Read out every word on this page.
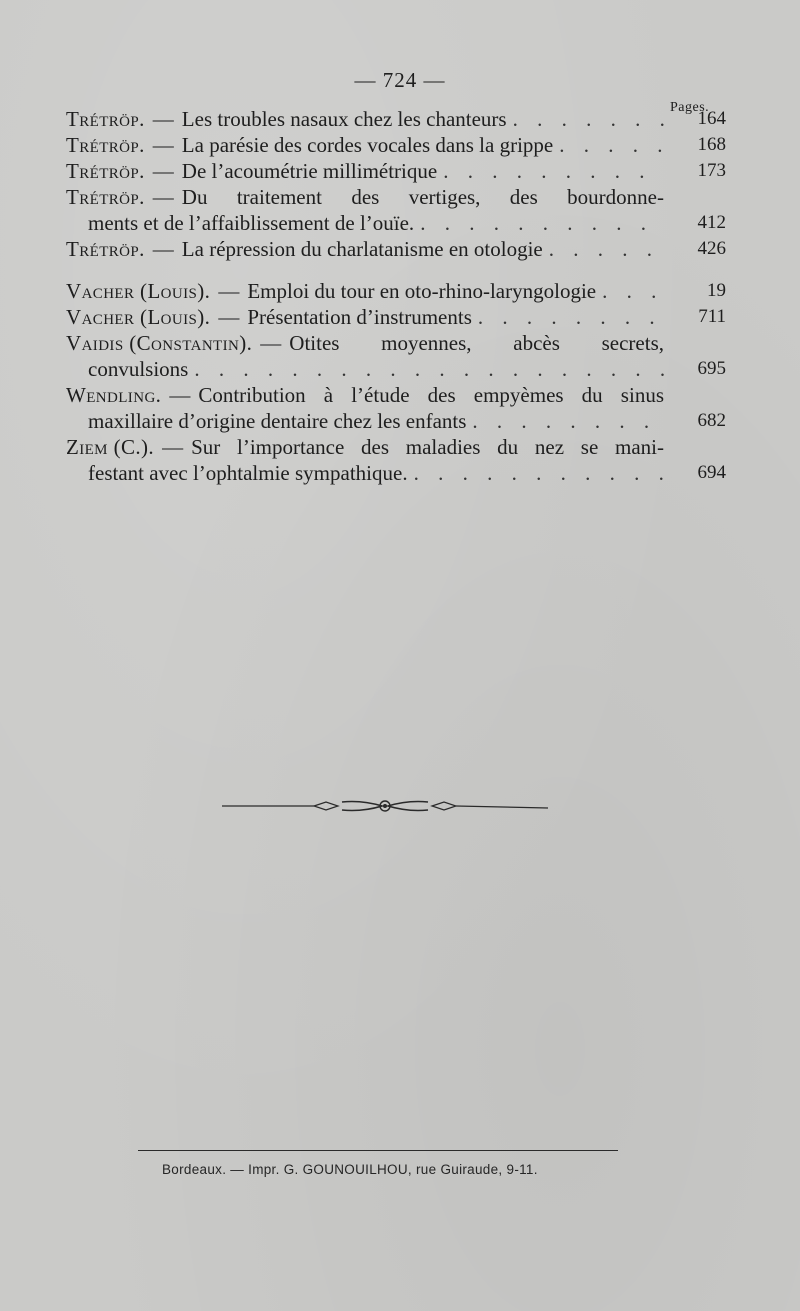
— 724 —
Pages.
Trétröp. — Les troubles nasaux chez les chanteurs . . .	164
Trétröp. — La parésie des cordes vocales dans la grippe . . .	168
Trétröp. — De l’acoumétrie millimétrique . . .	173
Trétröp. — Du traitement des vertiges, des bourdonne-
ments et de l’affaiblissement de l’ouïe. . . .	412
Trétröp. — La répression du charlatanisme en otologie . . .	426
Vacher (Louis). — Emploi du tour en oto-rhino-laryngologie . . .	19
Vacher (Louis). — Présentation d’instruments . . .	711
Vaidis (Constantin). — Otites moyennes, abcès secrets,
convulsions . . .	695
Wendling. — Contribution à l’étude des empyèmes du sinus
maxillaire d’origine dentaire chez les enfants . . .	682
Ziem (C.). — Sur l’importance des maladies du nez se mani-
festant avec l’ophtalmie sympathique. . . .	694
Bordeaux. — Impr. G. GOUNOUILHOU, rue Guiraude, 9-11.
